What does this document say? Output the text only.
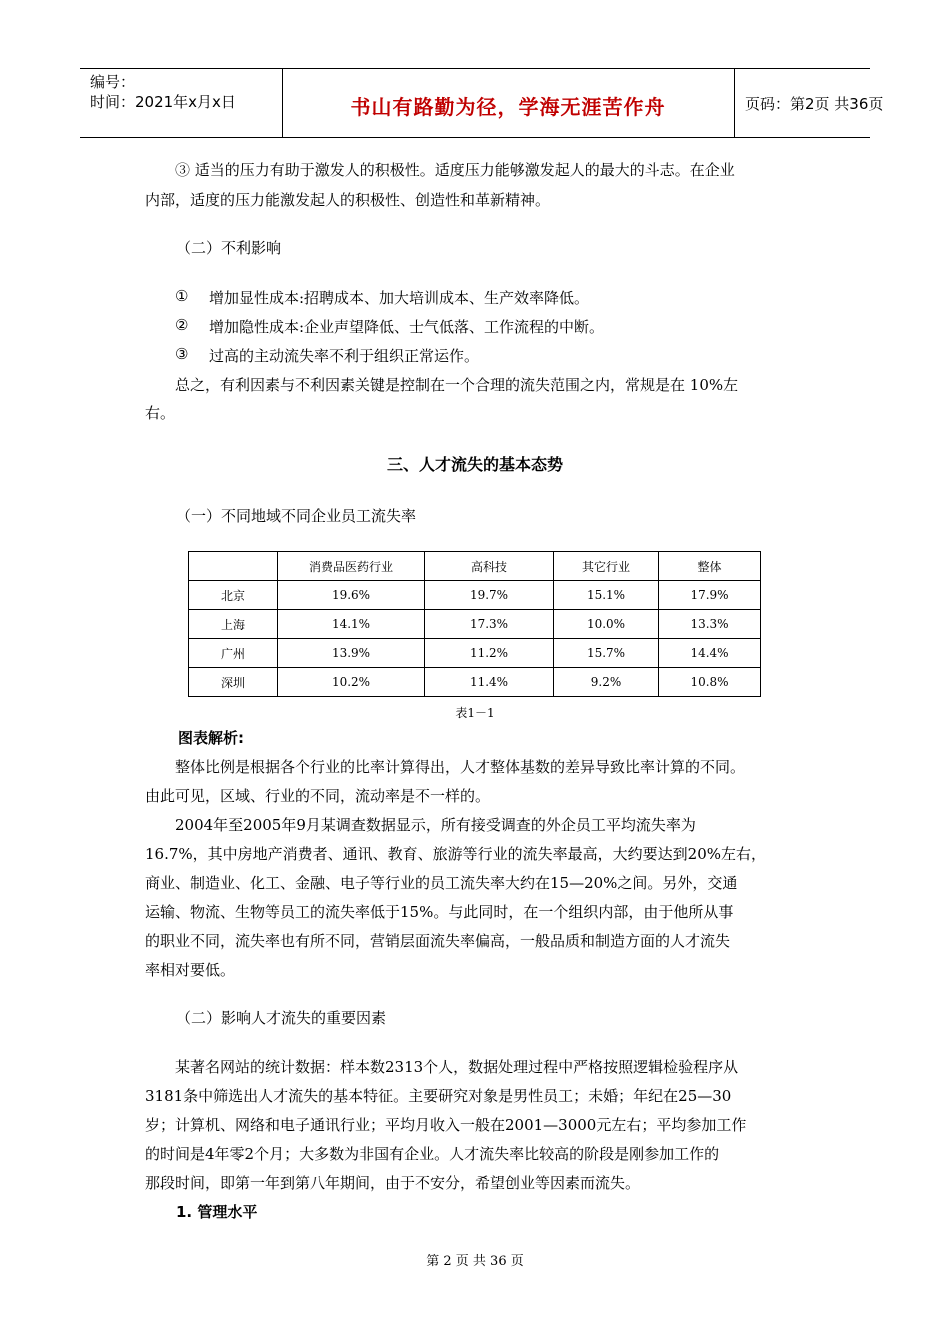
编号：
时间：2021年x月x日	书山有路勤为径，学海无涯苦作舟	页码：第2页 共36页
③ 适当的压力有助于激发人的积极性。适度压力能够激发起人的最大的斗志。在企业
内部，适度的压力能激发起人的积极性、创造性和革新精神。
（二）不利影响
① 增加显性成本:招聘成本、加大培训成本、生产效率降低。
② 增加隐性成本:企业声望降低、士气低落、工作流程的中断。
③ 过高的主动流失率不利于组织正常运作。
总之，有利因素与不利因素关键是控制在一个合理的流失范围之内，常规是在 10%左
右。
三、人才流失的基本态势
（一）不同地域不同企业员工流失率
	消费品医药行业	高科技	其它行业	整体
北京	19.6%	19.7%	15.1%	17.9%
上海	14.1%	17.3%	10.0%	13.3%
广州	13.9%	11.2%	15.7%	14.4%
深圳	10.2%	11.4%	9.2%	10.8%
表1－1
图表解析:
整体比例是根据各个行业的比率计算得出，人才整体基数的差异导致比率计算的不同。
由此可见，区域、行业的不同，流动率是不一样的。
2004年至2005年9月某调查数据显示，所有接受调查的外企员工平均流失率为
16.7%，其中房地产消费者、通讯、教育、旅游等行业的流失率最高，大约要达到20%左右，
商业、制造业、化工、金融、电子等行业的员工流失率大约在15—20%之间。另外，交通
运输、物流、生物等员工的流失率低于15%。与此同时，在一个组织内部，由于他所从事
的职业不同，流失率也有所不同，营销层面流失率偏高，一般品质和制造方面的人才流失
率相对要低。
（二）影响人才流失的重要因素
某著名网站的统计数据：样本数2313个人，数据处理过程中严格按照逻辑检验程序从
3181条中筛选出人才流失的基本特征。主要研究对象是男性员工；未婚；年纪在25—30
岁；计算机、网络和电子通讯行业；平均月收入一般在2001—3000元左右；平均参加工作
的时间是4年零2个月；大多数为非国有企业。人才流失率比较高的阶段是刚参加工作的
那段时间，即第一年到第八年期间，由于不安分，希望创业等因素而流失。
1. 管理水平
第 2 页 共 36 页
